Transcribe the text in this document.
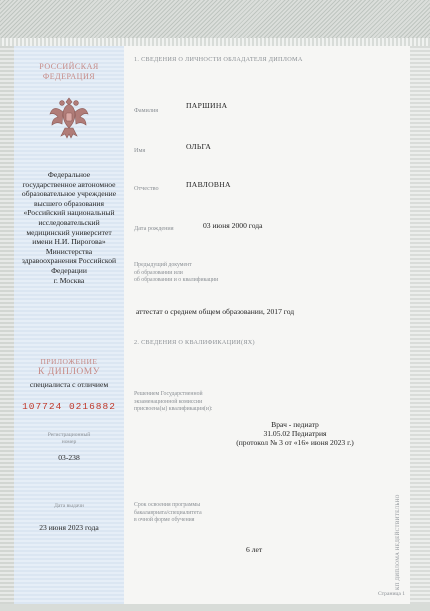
РОССИЙСКАЯ
ФЕДЕРАЦИЯ
Федеральное
государственное автономное
образовательное учреждение
высшего образования
«Российский национальный
исследовательский
медицинский университет
имени Н.И. Пирогова»
Министерства
здравоохранения Российской
Федерации
г. Москва
ПРИЛОЖЕНИЕ
К ДИПЛОМУ
специалиста с отличием
107724 0216882
Регистрационный
номер
03-238
Дата выдачи
23 июня 2023 года
1. СВЕДЕНИЯ О ЛИЧНОСТИ ОБЛАДАТЕЛЯ ДИПЛОМА
Фамилия
ПАРШИНА
Имя	ОЛЬГА
Отчество	ПАВЛОВНА
Дата рождения	03 июня 2000 года
Предыдущий документ
об образовании или
об образовании и о квалификации
аттестат о среднем общем образовании, 2017 год
2. СВЕДЕНИЯ О КВАЛИФИКАЦИИ(ЯХ)
Решением Государственной
экзаменационной комиссии
присвоена(ы) квалификация(и):
Врач - педиатр
31.05.02 Педиатрия
(протокол № 3 от «16» июня 2023 г.)
Срок освоения программы
бакалавриата/специалитета
в очной форме обучения
6 лет	КП ДИПЛОМА НЕДЕЙСТВИТЕЛЬНО
Страница 1
